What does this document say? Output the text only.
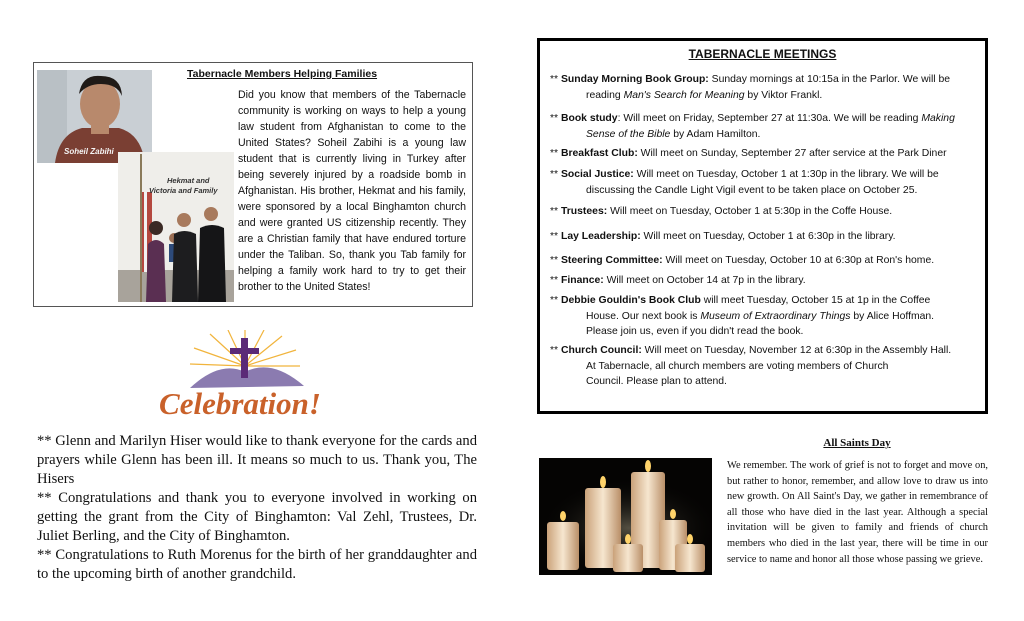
Soheil Zabihi
Hekmat and
Victoria and Family
Tabernacle Members Helping Families
Did you know that members of the Tabernacle community is working on ways to help a young law student from Afghanistan to come to the United States? Soheil Zabihi is a young law student that is currently living in Turkey after being severely injured by a roadside bomb in Afghanistan. His brother, Hekmat and his family, were sponsored by a local Binghamton church and were granted US citizenship recently. They are a Christian family that have endured torture under the Taliban. So, thank you Tab family for helping a family work hard to try to get their brother to the United States!
Celebration!

** Glenn and Marilyn Hiser would like to thank everyone for the cards and prayers while Glenn has been ill. It means so much to us. Thank you, The Hisers

** Congratulations and thank you to everyone involved in working on getting the grant from the City of Binghamton: Val Zehl, Trustees, Dr. Juliet Berling, and the City of Binghamton.

** Congratulations to Ruth Morenus for the birth of her granddaughter and to the upcoming birth of another grandchild.

TABERNACLE MEETINGS
** Sunday Morning Book Group: Sunday mornings at 10:15a in the Parlor. We will be
reading Man's Search for Meaning by Viktor Frankl.
** Book study: Will meet on Friday, September 27 at 11:30a. We will be reading Making
Sense of the Bible by Adam Hamilton.
** Breakfast Club: Will meet on Sunday, September 27 after service at the Park Diner
** Social Justice: Will meet on Tuesday, October 1 at 1:30p in the library. We will be
discussing the Candle Light Vigil event to be taken place on October 25.
** Trustees: Will meet on Tuesday, October 1 at 5:30p in the Coffe House.
** Lay Leadership: Will meet on Tuesday, October 1 at 6:30p in the library.
** Steering Committee: Will meet on Tuesday, October 10 at 6:30p at Ron's home.
** Finance: Will meet on October 14 at 7p in the library.
** Debbie Gouldin's Book Club will meet Tuesday, October 15 at 1p in the Coffee
House. Our next book is Museum of Extraordinary Things by Alice Hoffman.
Please join us, even if you didn't read the book.
** Church Council: Will meet on Tuesday, November 12 at 6:30p in the Assembly Hall.
At Tabernacle, all church members are voting members of Church
Council. Please plan to attend.
All Saints Day
We remember. The work of grief is not to forget and move on, but rather to honor, remember, and allow love to draw us into new growth. On All Saint's Day, we gather in remembrance of all those who have died in the last year. Although a special invitation will be given to family and friends of church members who died in the last year, there will be time in our service to name and honor all those whose passing we grieve.
